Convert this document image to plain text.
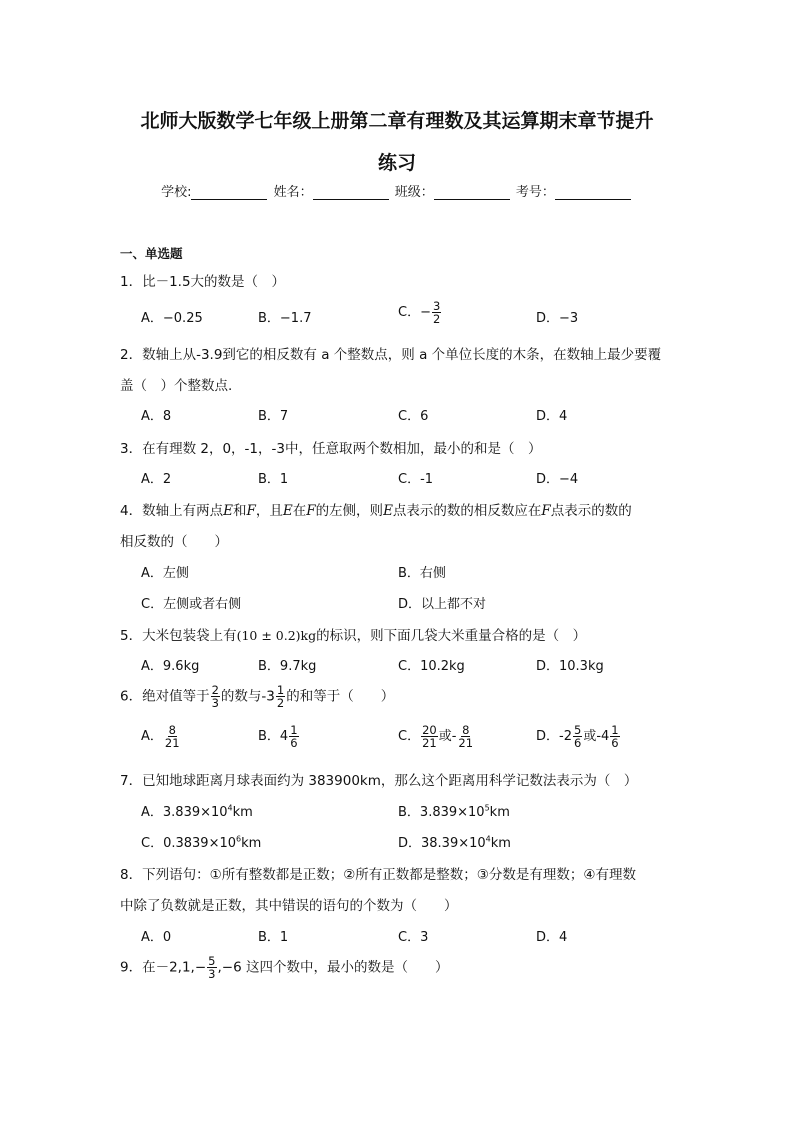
北师大版数学七年级上册第二章有理数及其运算期末章节提升
练习
学校:	姓名：	班级：	考号：
一、单选题
1．比－1.5大的数是（　）
A．−0.25	B．−1.7	C．− $\frac{3}{2}$	D．−3
2．数轴上从-3.9到它的相反数有 a 个整数点，则 a 个单位长度的木条，在数轴上最少要覆
盖（　）个整数点.
A．8	B．7	C．6	D．4
3．在有理数 2，0，-1，-3中，任意取两个数相加，最小的和是（　）
A．2	B．1	C．-1	D．−4
4．数轴上有两点E和F，且E在F的左侧，则E点表示的数的相反数应在F点表示的数的
相反数的（　　）
A．左侧	B．右侧
C．左侧或者右侧	D．以上都不对
5．大米包装袋上有(10 ± 0.2)kg的标识，则下面几袋大米重量合格的是（　）
A．9.6kg	B．9.7kg	C．10.2kg	D．10.3kg
6．绝对值等于 $\frac{2}{3}$ 的数与$-3 \frac{1}{2}$ 的和等于（　　）
A． $\frac{8}{21}$	B．$4 \frac{1}{6}$	C． $\frac{20}{21}$ 或- $\frac{8}{21}$	D．$-2 \frac{5}{6}$ 或$-4 \frac{1}{6}$
7．已知地球距离月球表面约为 383900km，那么这个距离用科学记数法表示为（　）
A．$3.839\times 10^4km$	B．$3.839\times 10^5km$
C．$0.3839\times 10^6km$	D．$38.39\times 10^4km$
8．下列语句：①所有整数都是正数；②所有正数都是整数；③分数是有理数；④有理数
中除了负数就是正数，其中错误的语句的个数为（　　）
A．0	B．1	C．3	D．4
9．在$-2,1,- \frac{5}{3} ,-6$ 这四个数中，最小的数是（　　）
